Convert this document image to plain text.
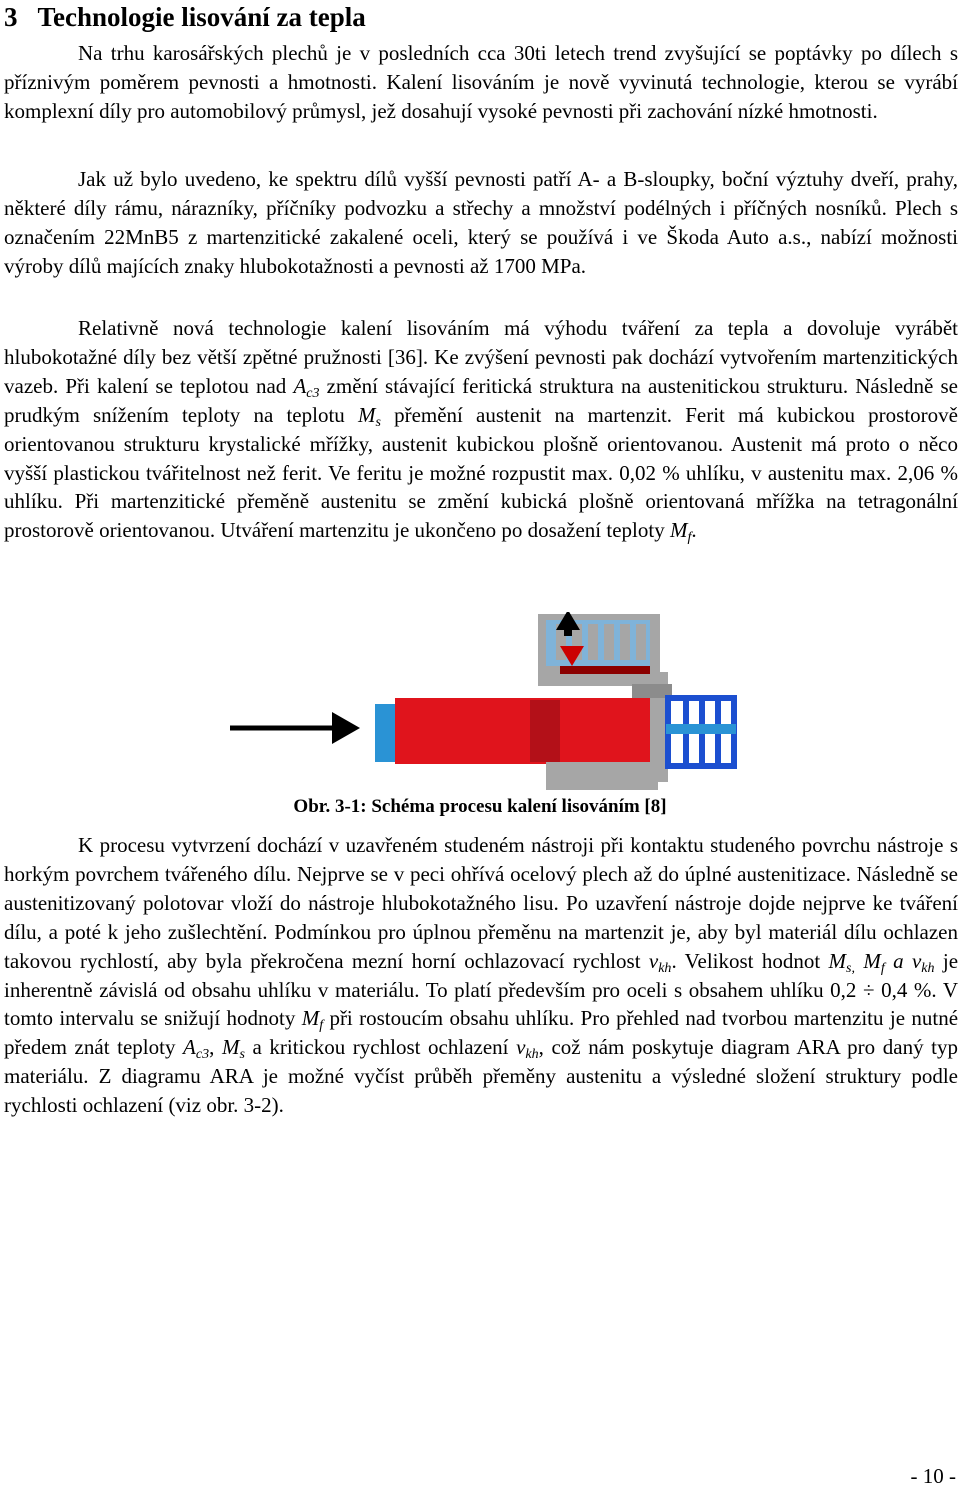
3 Technologie lisování za tepla

Na trhu karosářských plechů je v posledních cca 30ti letech trend zvyšující se poptávky po dílech s příznivým poměrem pevnosti a hmotnosti. Kalení lisováním je nově vyvinutá technologie, kterou se vyrábí komplexní díly pro automobilový průmysl, jež dosahují vysoké pevnosti při zachování nízké hmotnosti.

Jak už bylo uvedeno, ke spektru dílů vyšší pevnosti patří A- a B-sloupky, boční výztuhy dveří, prahy, některé díly rámu, nárazníky, příčníky podvozku a střechy a množství podélných i příčných nosníků. Plech s označením 22MnB5 z martenzitické zakalené oceli, který se používá i ve Škoda Auto a.s., nabízí možnosti výroby dílů majících znaky hlubokotažnosti a pevnosti až 1700 MPa.

Relativně nová technologie kalení lisováním má výhodu tváření za tepla a dovoluje vyrábět hlubokotažné díly bez větší zpětné pružnosti [36]. Ke zvýšení pevnosti pak dochází vytvořením martenzitických vazeb. Při kalení se teplotou nad $A_{c3}$ změní stávající feritická struktura na austenitickou strukturu. Následně se prudkým snížením teploty na teplotu $M_s$ přemění austenit na martenzit. Ferit má kubickou prostorově orientovanou strukturu krystalické mřížky, austenit kubickou plošně orientovanou. Austenit má proto o něco vyšší plastickou tvářitelnost než ferit. Ve feritu je možné rozpustit max. 0,02 % uhlíku, v austenitu max. 2,06 % uhlíku. Při martenzitické přeměně austenitu se změní kubická plošně orientovaná mřížka na tetragonální prostorově orientovanou. Utváření martenzitu je ukončeno po dosažení teploty $M_f$.

Obr. 3-1: Schéma procesu kalení lisováním [8]

K procesu vytvrzení dochází v uzavřeném studeném nástroji při kontaktu studeného povrchu nástroje s horkým povrchem tvářeného dílu. Nejprve se v peci ohřívá ocelový plech až do úplné austenitizace. Následně se austenitizovaný polotovar vloží do nástroje hlubokotažného lisu. Po uzavření nástroje dojde nejprve ke tváření dílu, a poté k jeho zušlechtění. Podmínkou pro úplnou přeměnu na martenzit je, aby byl materiál dílu ochlazen takovou rychlostí, aby byla překročena mezní horní ochlazovací rychlost $v_{kh}$. Velikost hodnot $M_{s,}$ $M_f$ a $v_{kh}$ je inherentně závislá od obsahu uhlíku v materiálu. To platí především pro oceli s obsahem uhlíku 0,2 ÷ 0,4 %. V tomto intervalu se snižují hodnoty $M_f$ při rostoucím obsahu uhlíku. Pro přehled nad tvorbou martenzitu je nutné předem znát teploty $A_{c3}$, $M_s$ a kritickou rychlost ochlazení $v_{kh}$, což nám poskytuje diagram ARA pro daný typ materiálu. Z diagramu ARA je možné vyčíst průběh přeměny austenitu a výsledné složení struktury podle rychlosti ochlazení (viz obr. 3-2).

- 10 -
